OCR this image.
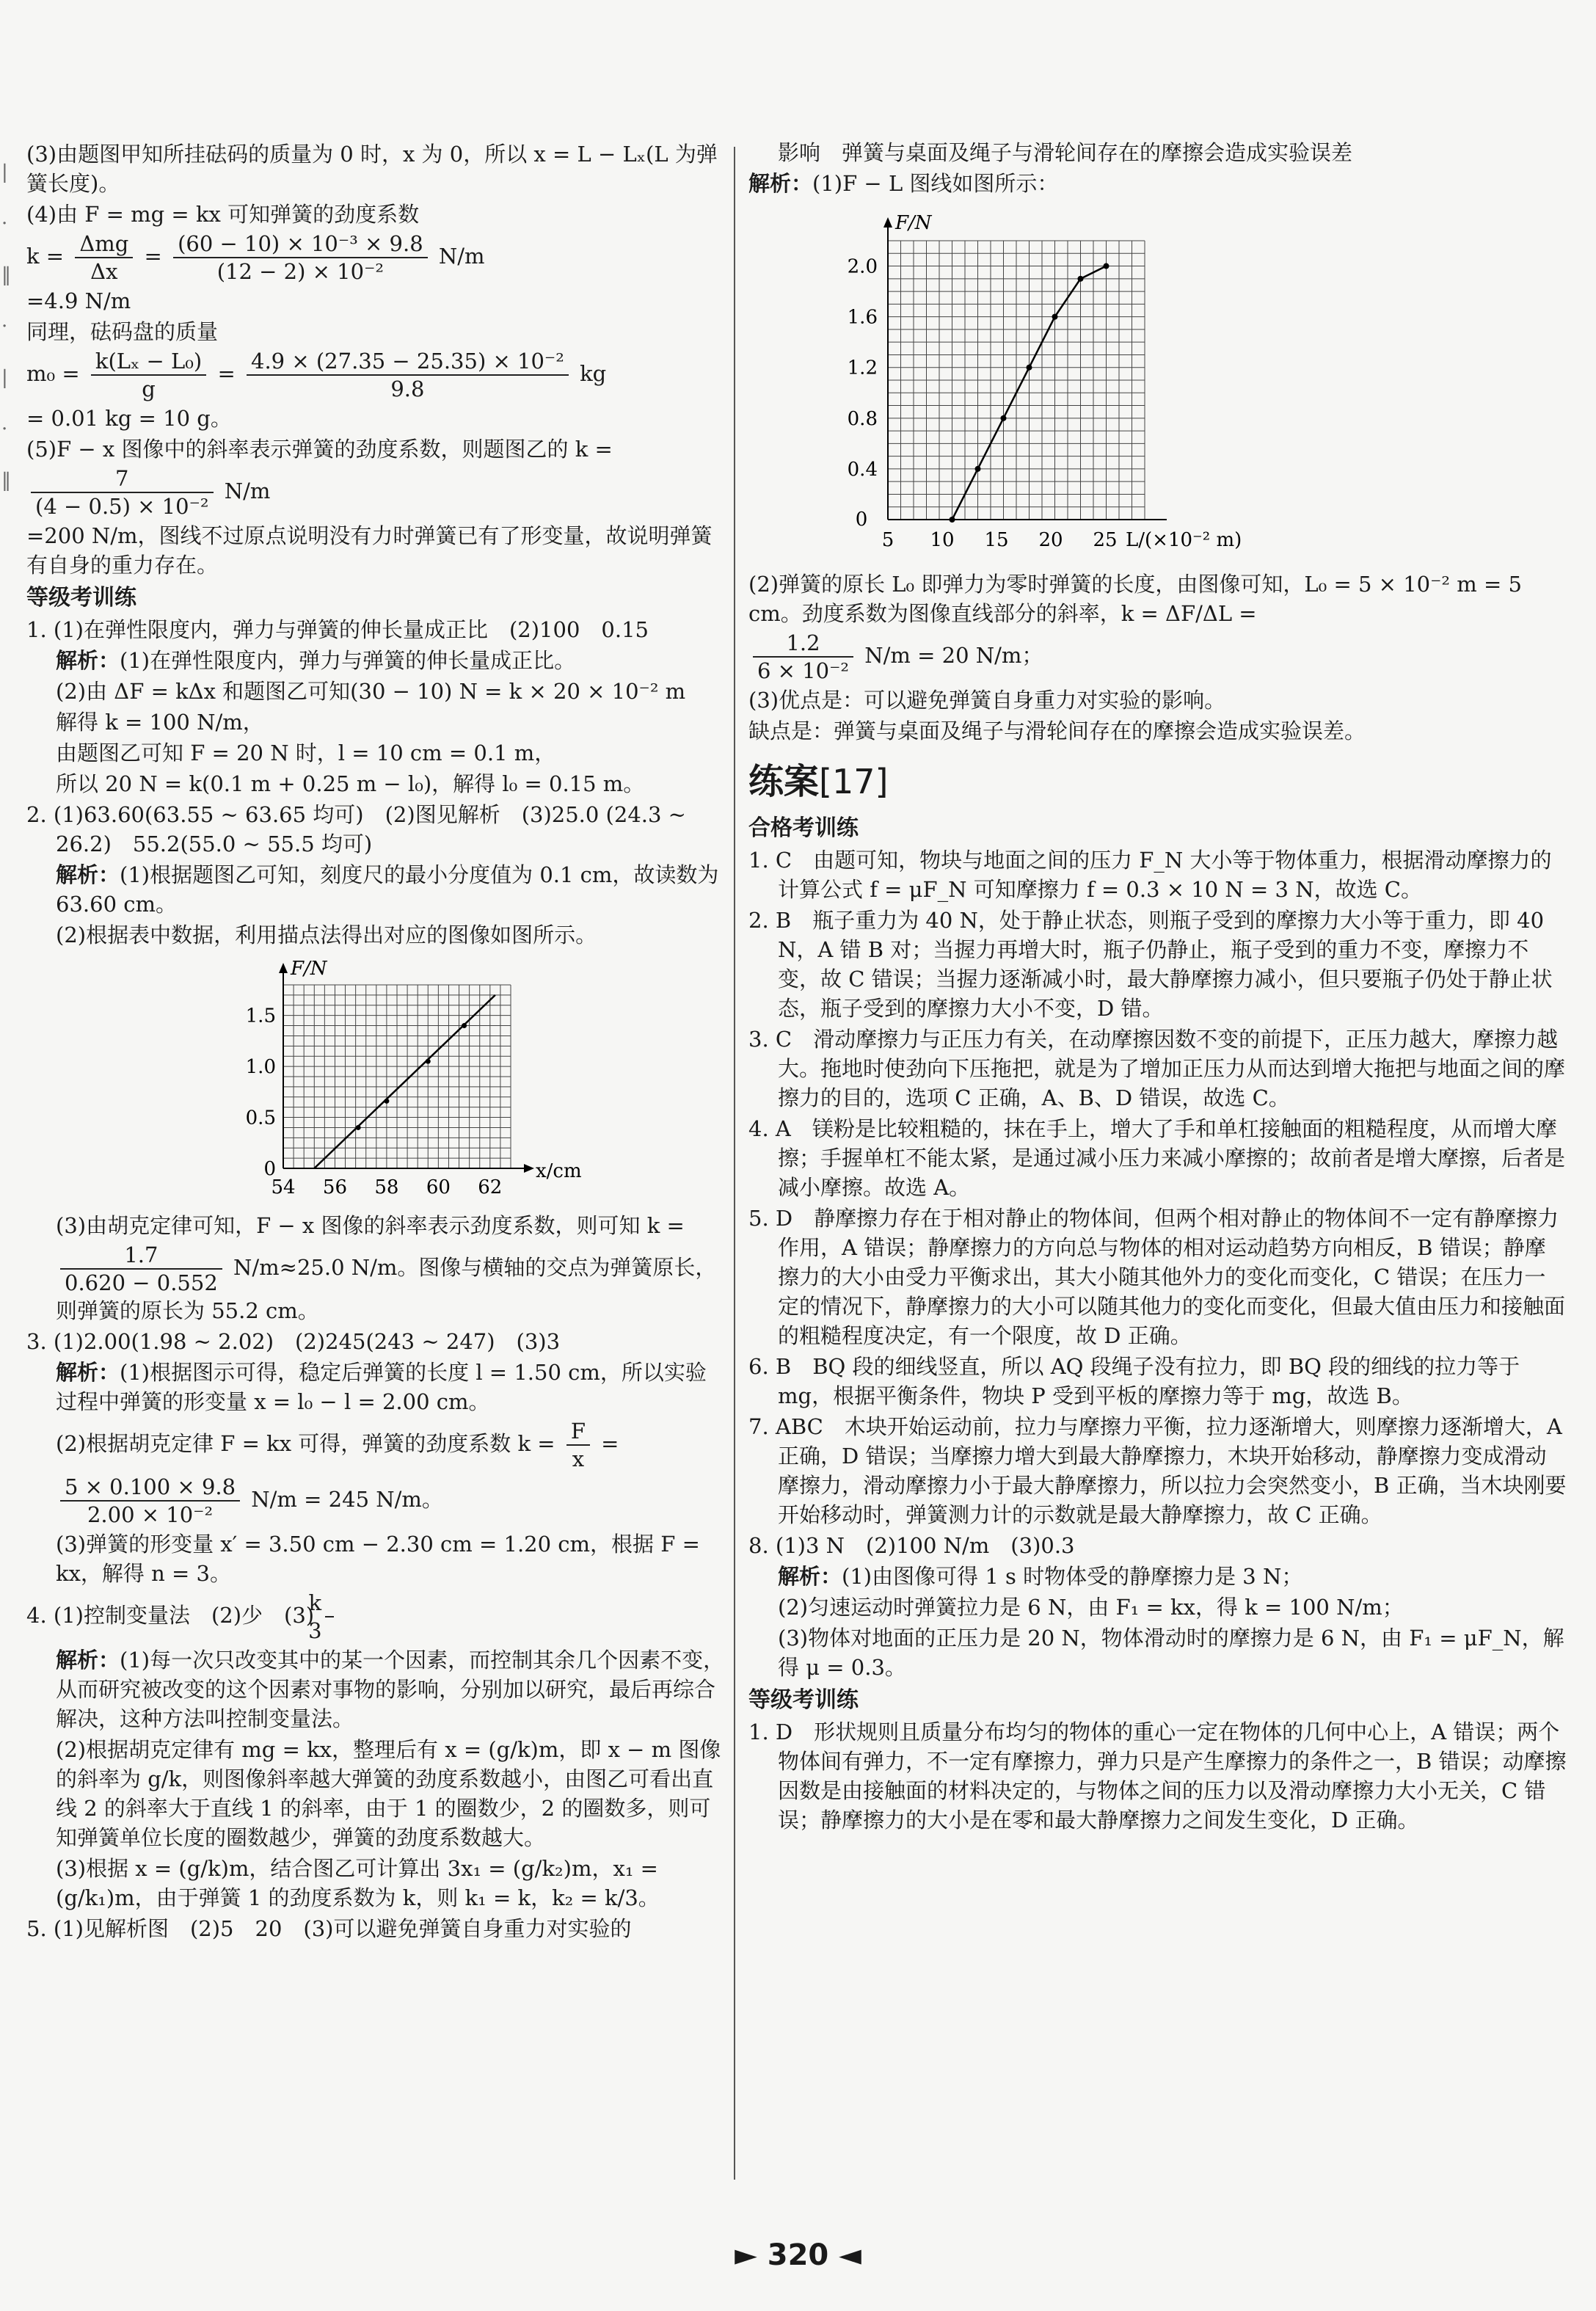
|
·
‖
·
|
·
‖

(3)由题图甲知所挂砝码的质量为 0 时，x 为 0，所以 x = L − Lₓ(L 为弹簧长度)。

(4)由 F = mg = kx 可知弹簧的劲度系数

$k = \frac{\text{Δmg}}{\Delta x} = \frac{\text{(60 − 10) × 10⁻³ × 9.8}}{\text{(12 − 2) × 10⁻²}} N/m$

=4.9 N/m

同理，砝码盘的质量

$m_0 = \frac{\text{k(Lₓ − L₀)}}{g} = \frac{\text{4.9 × (27.35 − 25.35) × 10⁻²}}{9.8}$ kg

= 0.01 kg = 10 g。

(5)F − x 图像中的斜率表示弹簧的劲度系数，则题图乙的 k =

$\frac{7}{\text{(4 − 0.5) × 10⁻²}} N/m$

=200 N/m，图线不过原点说明没有力时弹簧已有了形变量，故说明弹簧有自身的重力存在。

等级考训练

1. (1)在弹性限度内，弹力与弹簧的伸长量成正比　(2)100　0.15

解析：(1)在弹性限度内，弹力与弹簧的伸长量成正比。

(2)由 ΔF = kΔx 和题图乙可知(30 − 10) N = k × 20 × 10⁻² m

解得 k = 100 N/m，

由题图乙可知 F = 20 N 时，l = 10 cm = 0.1 m，

所以 20 N = k(0.1 m + 0.25 m − l₀)，解得 l₀ = 0.15 m。

2. (1)63.60(63.55 ~ 63.65 均可)　(2)图见解析　(3)25.0 (24.3 ~ 26.2)　55.2(55.0 ~ 55.5 均可)

解析：(1)根据题图乙可知，刻度尺的最小分度值为 0.1 cm，故读数为 63.60 cm。

(2)根据表中数据，利用描点法得出对应的图像如图所示。

F/N
x/cm
54 56 58 60 62
0
0.5
1.0
1.5

(3)由胡克定律可知，F − x 图像的斜率表示劲度系数，则可知 k =

$\frac{1.7}{0.620 - 0.552} N/m\approx 25.0$ N/m。图像与横轴的交点为弹簧原长，则弹簧的原长为 55.2 cm。

3. (1)2.00(1.98 ~ 2.02)　(2)245(243 ~ 247)　(3)3

解析：(1)根据图示可得，稳定后弹簧的长度 l = 1.50 cm，所以实验过程中弹簧的形变量 x = l₀ − l = 2.00 cm。

(2)根据胡克定律 F = kx 可得，弹簧的劲度系数 $k = \frac{F}{x}$ =

$\frac{5 \times 0.100 \times 9.8}{\text{2.00 × 10⁻²}} N/m = 245$ N/m。

(3)弹簧的形变量 x′ = 3.50 cm − 2.30 cm = 1.20 cm，根据 F = kx，解得 n = 3。

4. (1)控制变量法　(2)少　$(3) \frac{k}{3}$

解析：(1)每一次只改变其中的某一个因素，而控制其余几个因素不变，从而研究被改变的这个因素对事物的影响，分别加以研究，最后再综合解决，这种方法叫控制变量法。

(2)根据胡克定律有 mg = kx，整理后有 x = (g/k)m，即 x − m 图像的斜率为 g/k，则图像斜率越大弹簧的劲度系数越小，由图乙可看出直线 2 的斜率大于直线 1 的斜率，由于 1 的圈数少，2 的圈数多，则可知弹簧单位长度的圈数越少，弹簧的劲度系数越大。

(3)根据 x = (g/k)m，结合图乙可计算出 3x₁ = (g/k₂)m，x₁ = (g/k₁)m，由于弹簧 1 的劲度系数为 k，则 k₁ = k，k₂ = k/3。

5. (1)见解析图　(2)5　20　(3)可以避免弹簧自身重力对实验的

影响　弹簧与桌面及绳子与滑轮间存在的摩擦会造成实验误差

解析：(1)F − L 图线如图所示：

F/N
0
5 10 15 20 25 L/(×10⁻² m)
0.4
0.8
1.2
1.6
2.0

(2)弹簧的原长 L₀ 即弹力为零时弹簧的长度，由图像可知，L₀ = 5 × 10⁻² m = 5 cm。劲度系数为图像直线部分的斜率，k = ΔF/ΔL =

$\frac{1.2}{\text{6 × 10⁻²}} N/m = 20$ N/m；

(3)优点是：可以避免弹簧自身重力对实验的影响。

缺点是：弹簧与桌面及绳子与滑轮间存在的摩擦会造成实验误差。

练案[17]
合格考训练

1. C　由题可知，物块与地面之间的压力 F_N 大小等于物体重力，根据滑动摩擦力的计算公式 f = μF_N 可知摩擦力 f = 0.3 × 10 N = 3 N，故选 C。

2. B　瓶子重力为 40 N，处于静止状态，则瓶子受到的摩擦力大小等于重力，即 40 N，A 错 B 对；当握力再增大时，瓶子仍静止，瓶子受到的重力不变，摩擦力不变，故 C 错误；当握力逐渐减小时，最大静摩擦力减小，但只要瓶子仍处于静止状态，瓶子受到的摩擦力大小不变，D 错。

3. C　滑动摩擦力与正压力有关，在动摩擦因数不变的前提下，正压力越大，摩擦力越大。拖地时使劲向下压拖把，就是为了增加正压力从而达到增大拖把与地面之间的摩擦力的目的，选项 C 正确，A、B、D 错误，故选 C。

4. A　镁粉是比较粗糙的，抹在手上，增大了手和单杠接触面的粗糙程度，从而增大摩擦；手握单杠不能太紧，是通过减小压力来减小摩擦的；故前者是增大摩擦，后者是减小摩擦。故选 A。

5. D　静摩擦力存在于相对静止的物体间，但两个相对静止的物体间不一定有静摩擦力作用，A 错误；静摩擦力的方向总与物体的相对运动趋势方向相反，B 错误；静摩擦力的大小由受力平衡求出，其大小随其他外力的变化而变化，C 错误；在压力一定的情况下，静摩擦力的大小可以随其他力的变化而变化，但最大值由压力和接触面的粗糙程度决定，有一个限度，故 D 正确。

6. B　BQ 段的细线竖直，所以 AQ 段绳子没有拉力，即 BQ 段的细线的拉力等于 mg，根据平衡条件，物块 P 受到平板的摩擦力等于 mg，故选 B。

7. ABC　木块开始运动前，拉力与摩擦力平衡，拉力逐渐增大，则摩擦力逐渐增大，A 正确，D 错误；当摩擦力增大到最大静摩擦力，木块开始移动，静摩擦力变成滑动摩擦力，滑动摩擦力小于最大静摩擦力，所以拉力会突然变小，B 正确，当木块刚要开始移动时，弹簧测力计的示数就是最大静摩擦力，故 C 正确。

8. (1)3 N　(2)100 N/m　(3)0.3

解析：(1)由图像可得 1 s 时物体受的静摩擦力是 3 N；

(2)匀速运动时弹簧拉力是 6 N，由 F₁ = kx，得 k = 100 N/m；

(3)物体对地面的正压力是 20 N，物体滑动时的摩擦力是 6 N，由 F₁ = μF_N，解得 μ = 0.3。

等级考训练

1. D　形状规则且质量分布均匀的物体的重心一定在物体的几何中心上，A 错误；两个物体间有弹力，不一定有摩擦力，弹力只是产生摩擦力的条件之一，B 错误；动摩擦因数是由接触面的材料决定的，与物体之间的压力以及滑动摩擦力大小无关，C 错误；静摩擦力的大小是在零和最大静摩擦力之间发生变化，D 正确。

► 320 ◄
